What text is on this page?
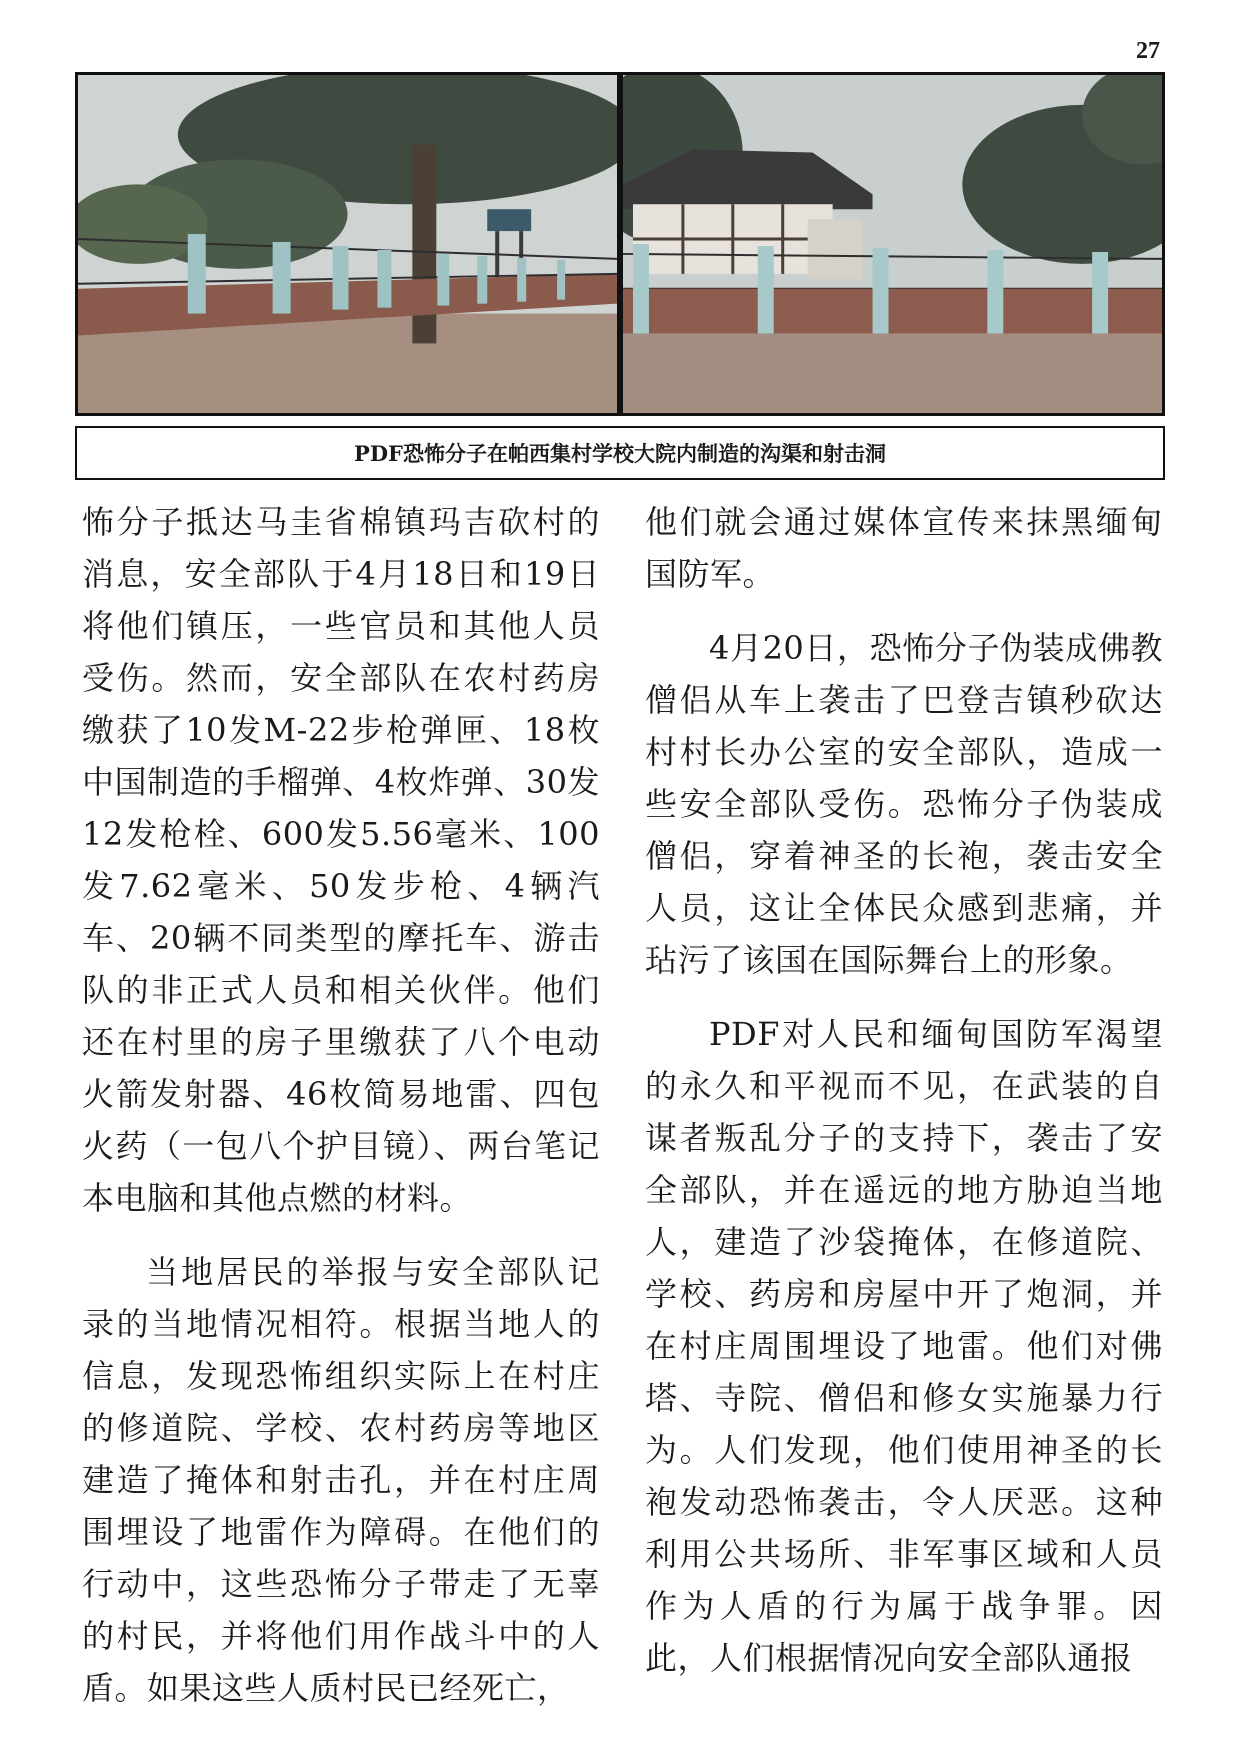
27
PDF恐怖分子在帕西集村学校大院内制造的沟渠和射击洞

怖分子抵达马圭省棉镇玛吉砍村的消息，安全部队于4月18日和19日将他们镇压，一些官员和其他人员受伤。然而，安全部队在农村药房缴获了10发M-22步枪弹匣、18枚中国制造的手榴弹、4枚炸弹、30发12发枪栓、600发5.56毫米、100发7.62毫米、50发步枪、4辆汽车、20辆不同类型的摩托车、游击队的非正式人员和相关伙伴。他们还在村里的房子里缴获了八个电动火箭发射器、46枚简易地雷、四包火药（一包八个护目镜）、两台笔记本电脑和其他点燃的材料。

当地居民的举报与安全部队记录的当地情况相符。根据当地人的信息，发现恐怖组织实际上在村庄的修道院、学校、农村药房等地区建造了掩体和射击孔，并在村庄周围埋设了地雷作为障碍。在他们的行动中，这些恐怖分子带走了无辜的村民，并将他们用作战斗中的人盾。如果这些人质村民已经死亡，

他们就会通过媒体宣传来抹黑缅甸国防军。

4月20日，恐怖分子伪装成佛教僧侣从车上袭击了巴登吉镇秒砍达村村长办公室的安全部队，造成一些安全部队受伤。恐怖分子伪装成僧侣，穿着神圣的长袍，袭击安全人员，这让全体民众感到悲痛，并玷污了该国在国际舞台上的形象。

PDF对人民和缅甸国防军渴望的永久和平视而不见，在武装的自谋者叛乱分子的支持下，袭击了安全部队，并在遥远的地方胁迫当地人，建造了沙袋掩体，在修道院、学校、药房和房屋中开了炮洞，并在村庄周围埋设了地雷。他们对佛塔、寺院、僧侣和修女实施暴力行为。人们发现，他们使用神圣的长袍发动恐怖袭击，令人厌恶。这种利用公共场所、非军事区域和人员作为人盾的行为属于战争罪。因此，人们根据情况向安全部队通报
